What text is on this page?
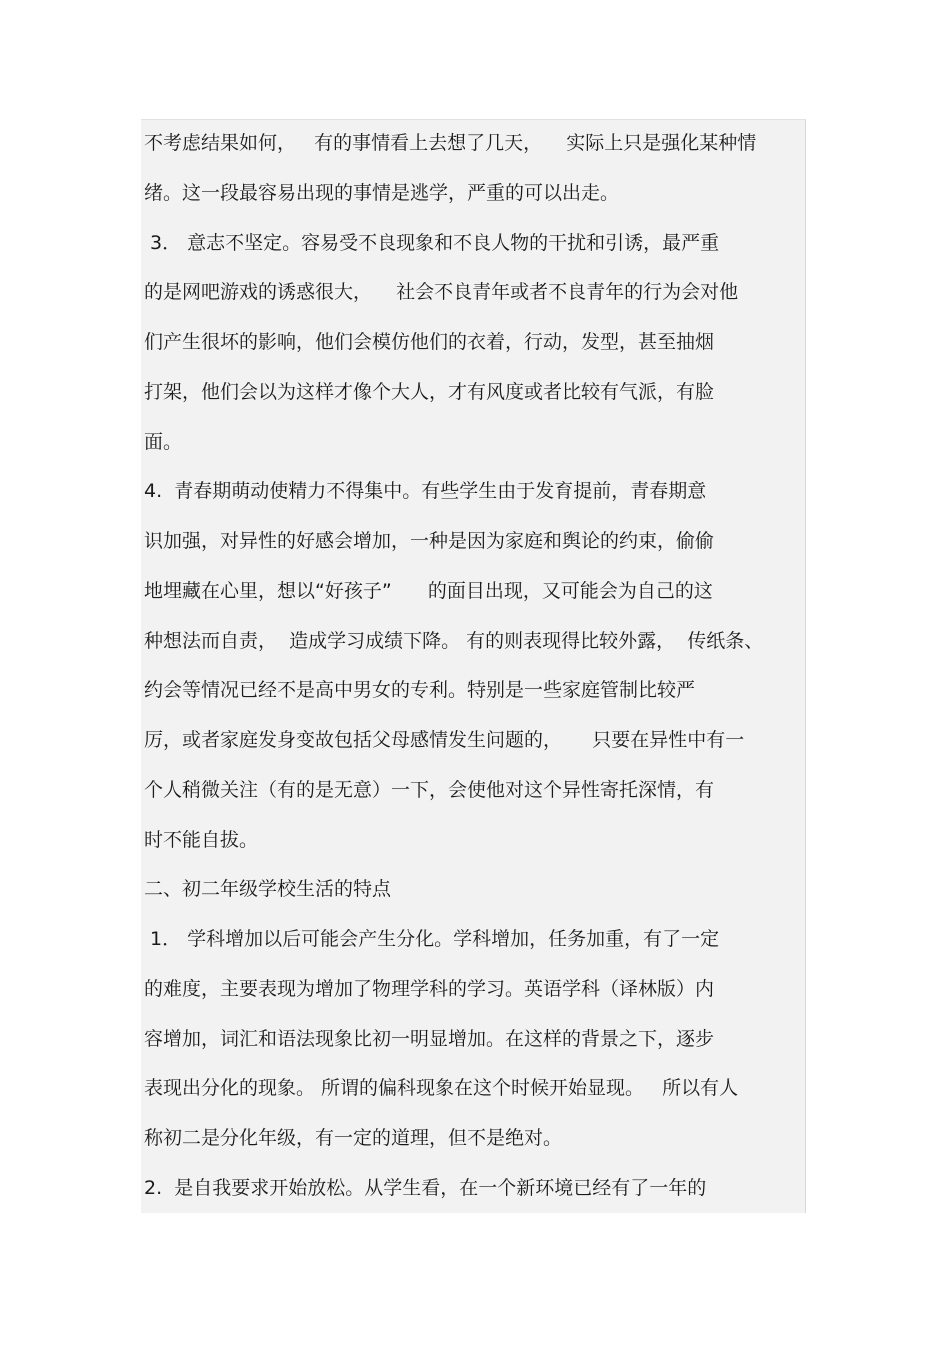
不考虑结果如何，   有的事情看上去想了几天，    实际上只是强化某种情
绪。这一段最容易出现的事情是逃学，严重的可以出走。
3． 意志不坚定。容易受不良现象和不良人物的干扰和引诱，最严重
的是网吧游戏的诱惑很大，    社会不良青年或者不良青年的行为会对他
们产生很坏的影响，他们会模仿他们的衣着，行动，发型，甚至抽烟
打架，他们会以为这样才像个大人，才有风度或者比较有气派，有脸
面。
4.  青春期萌动使精力不得集中。有些学生由于发育提前，青春期意
识加强，对异性的好感会增加，一种是因为家庭和舆论的约束，偷偷
地埋藏在心里，想以“好孩子”      的面目出现，又可能会为自己的这
种想法而自责，  造成学习成绩下降。 有的则表现得比较外露，  传纸条、
约会等情况已经不是高中男女的专利。特别是一些家庭管制比较严
厉，或者家庭发身变故包括父母感情发生问题的，     只要在异性中有一
个人稍微关注（有的是无意）一下，会使他对这个异性寄托深情，有
时不能自拔。
二、初二年级学校生活的特点
1． 学科增加以后可能会产生分化。学科增加，任务加重，有了一定
的难度，主要表现为增加了物理学科的学习。英语学科（译林版）内
容增加，词汇和语法现象比初一明显增加。在这样的背景之下，逐步
表现出分化的现象。 所谓的偏科现象在这个时候开始显现。   所以有人
称初二是分化年级，有一定的道理，但不是绝对。
2.  是自我要求开始放松。从学生看，在一个新环境已经有了一年的
